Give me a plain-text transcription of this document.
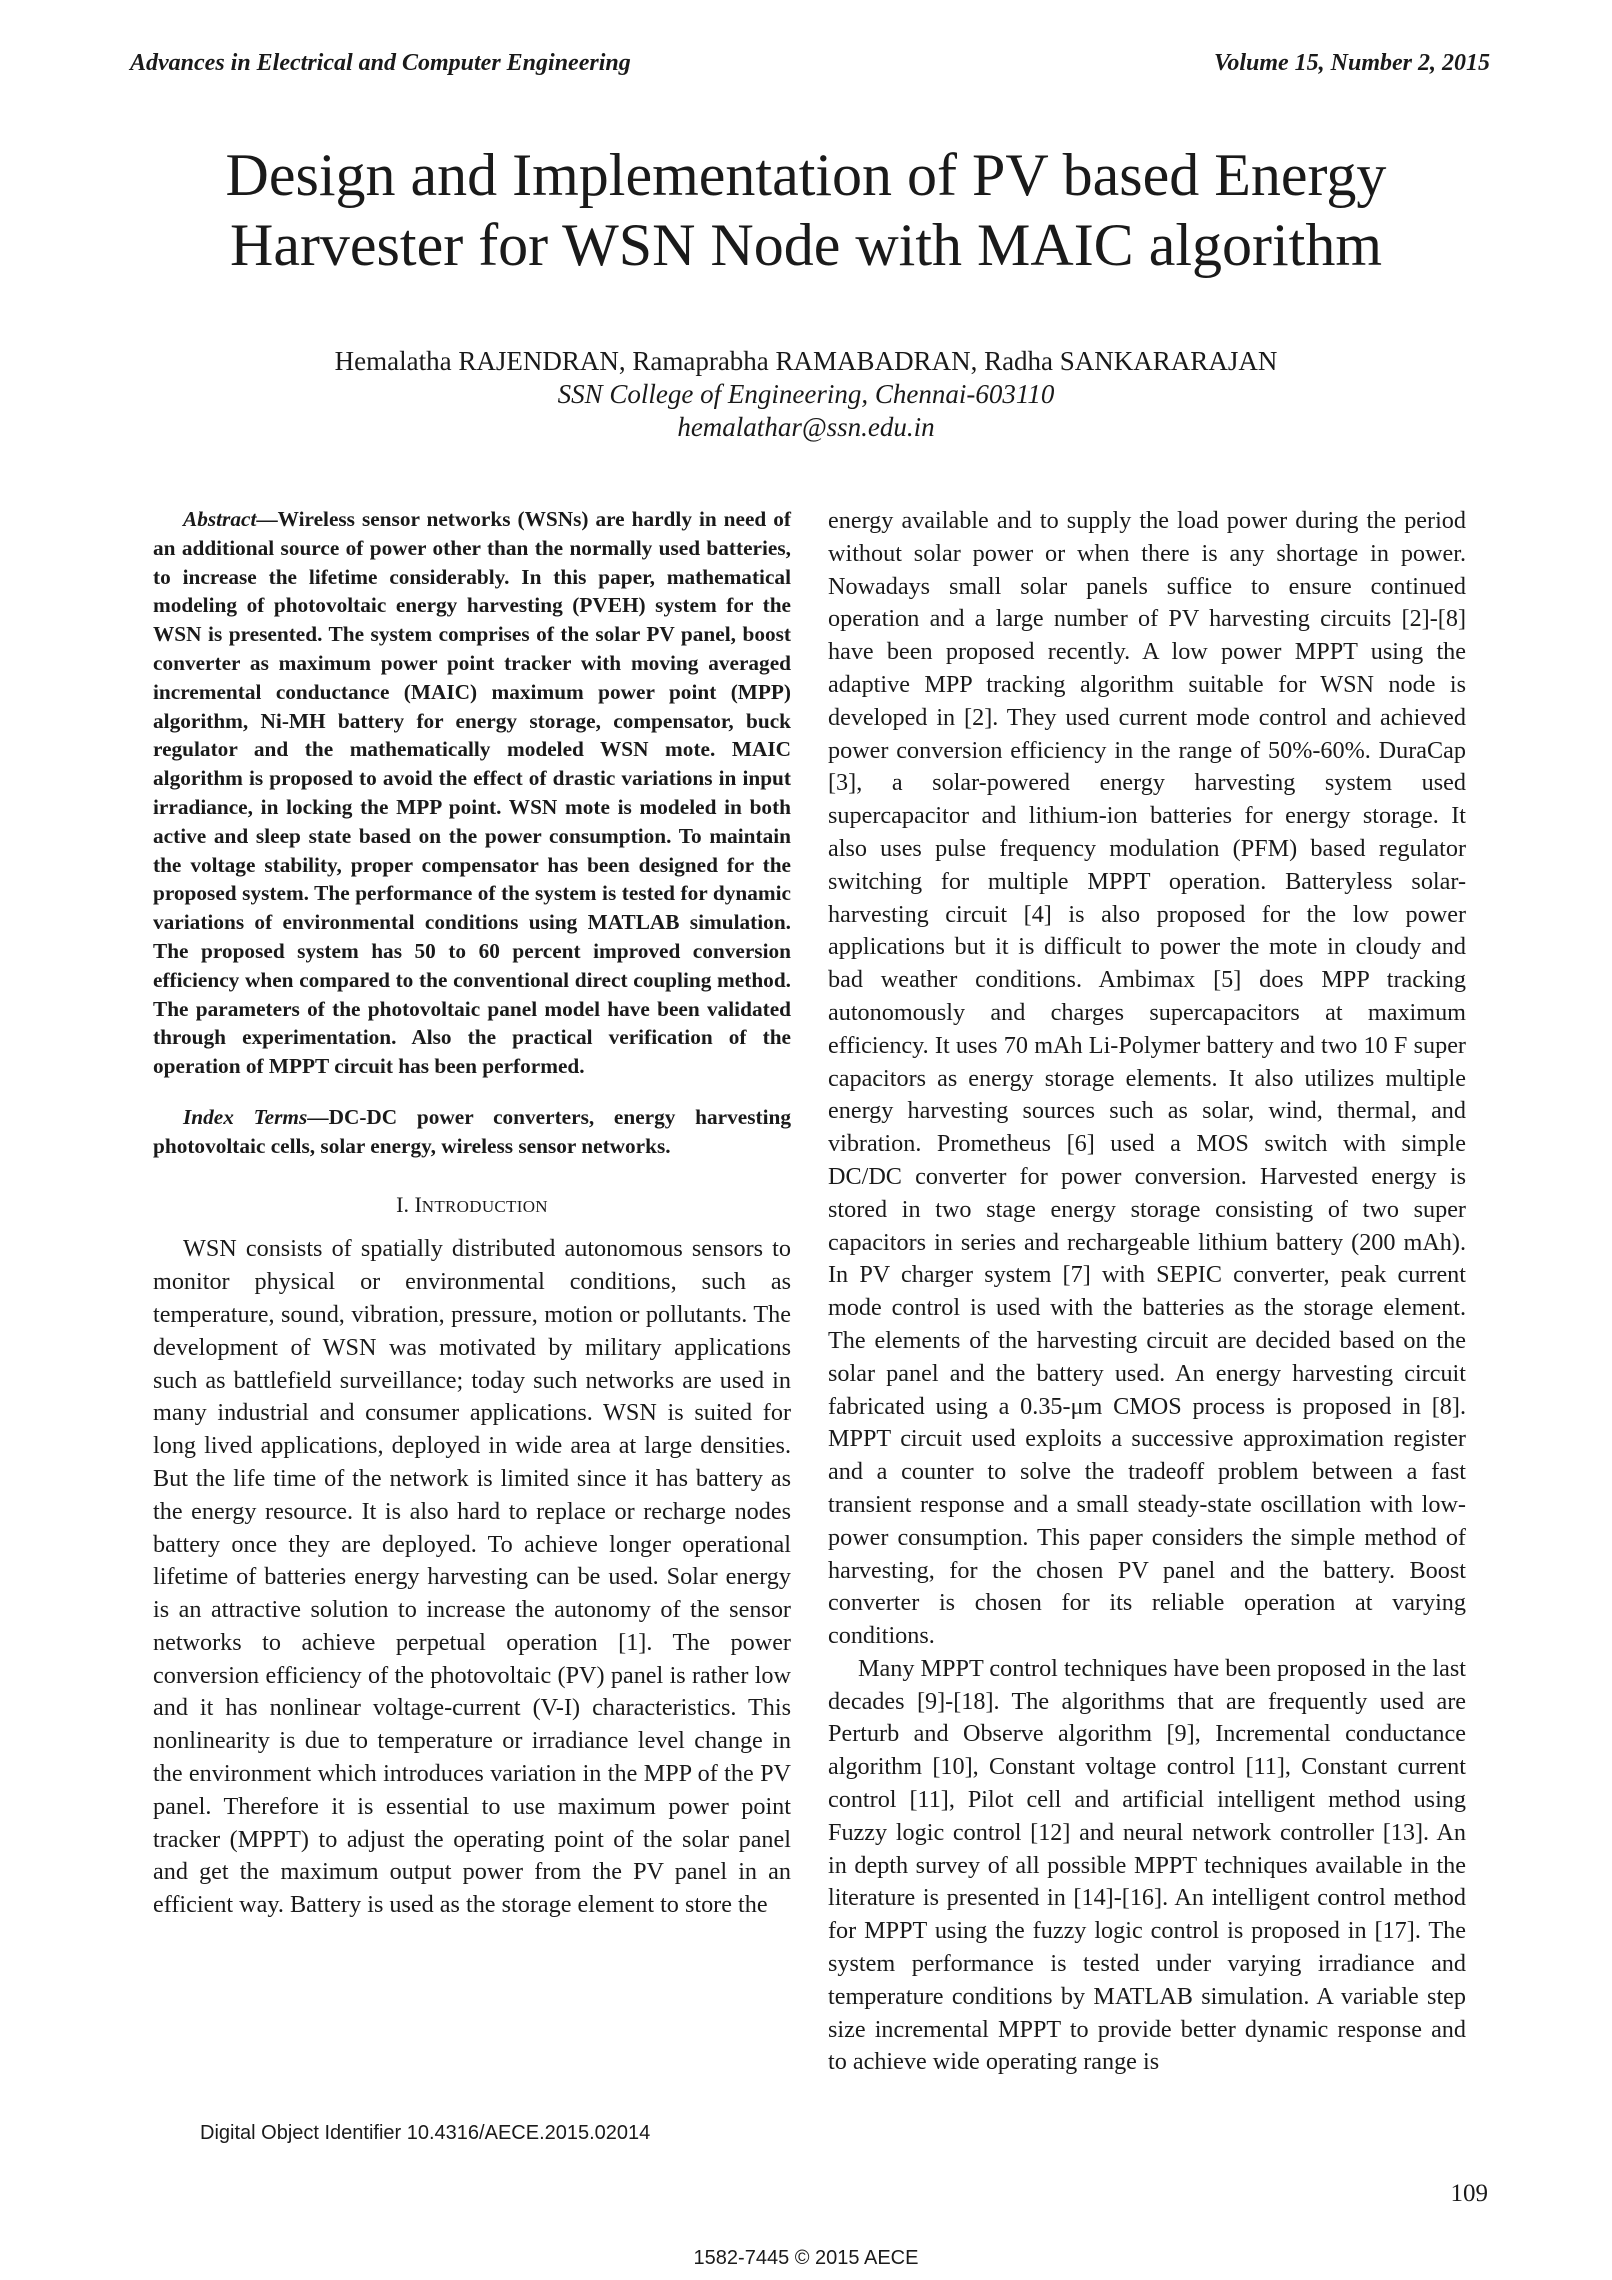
Advances in Electrical and Computer Engineering	Volume 15, Number 2, 2015
Design and Implementation of PV based Energy
Harvester for WSN Node with MAIC algorithm
Hemalatha RAJENDRAN, Ramaprabha RAMABADRAN, Radha SANKARARAJAN
SSN College of Engineering, Chennai-603110
hemalathar@ssn.edu.in

Abstract—Wireless sensor networks (WSNs) are hardly in need of an additional source of power other than the normally used batteries, to increase the lifetime considerably. In this paper, mathematical modeling of photovoltaic energy harvesting (PVEH) system for the WSN is presented. The system comprises of the solar PV panel, boost converter as maximum power point tracker with moving averaged incremental conductance (MAIC) maximum power point (MPP) algorithm, Ni-MH battery for energy storage, compensator, buck regulator and the mathematically modeled WSN mote. MAIC algorithm is proposed to avoid the effect of drastic variations in input irradiance, in locking the MPP point. WSN mote is modeled in both active and sleep state based on the power consumption. To maintain the voltage stability, proper compensator has been designed for the proposed system. The performance of the system is tested for dynamic variations of environmental conditions using MATLAB simulation. The proposed system has 50 to 60 percent improved conversion efficiency when compared to the conventional direct coupling method. The parameters of the photovoltaic panel model have been validated through experimentation. Also the practical verification of the operation of MPPT circuit has been performed.

Index Terms—DC-DC power converters, energy harvesting photovoltaic cells, solar energy, wireless sensor networks.

I. INTRODUCTION

WSN consists of spatially distributed autonomous sensors to monitor physical or environmental conditions, such as temperature, sound, vibration, pressure, motion or pollutants. The development of WSN was motivated by military applications such as battlefield surveillance; today such networks are used in many industrial and consumer applications. WSN is suited for long lived applications, deployed in wide area at large densities. But the life time of the network is limited since it has battery as the energy resource. It is also hard to replace or recharge nodes battery once they are deployed. To achieve longer operational lifetime of batteries energy harvesting can be used. Solar energy is an attractive solution to increase the autonomy of the sensor networks to achieve perpetual operation [1]. The power conversion efficiency of the photovoltaic (PV) panel is rather low and it has nonlinear voltage-current (V-I) characteristics. This nonlinearity is due to temperature or irradiance level change in the environment which introduces variation in the MPP of the PV panel. Therefore it is essential to use maximum power point tracker (MPPT) to adjust the operating point of the solar panel and get the maximum output power from the PV panel in an efficient way. Battery is used as the storage element to store the

energy available and to supply the load power during the period without solar power or when there is any shortage in power. Nowadays small solar panels suffice to ensure continued operation and a large number of PV harvesting circuits [2]-[8] have been proposed recently. A low power MPPT using the adaptive MPP tracking algorithm suitable for WSN node is developed in [2]. They used current mode control and achieved power conversion efficiency in the range of 50%-60%. DuraCap [3], a solar-powered energy harvesting system used supercapacitor and lithium-ion batteries for energy storage. It also uses pulse frequency modulation (PFM) based regulator switching for multiple MPPT operation. Batteryless solar-harvesting circuit [4] is also proposed for the low power applications but it is difficult to power the mote in cloudy and bad weather conditions. Ambimax [5] does MPP tracking autonomously and charges supercapacitors at maximum efficiency. It uses 70 mAh Li-Polymer battery and two 10 F super capacitors as energy storage elements. It also utilizes multiple energy harvesting sources such as solar, wind, thermal, and vibration. Prometheus [6] used a MOS switch with simple DC/DC converter for power conversion. Harvested energy is stored in two stage energy storage consisting of two super capacitors in series and rechargeable lithium battery (200 mAh). In PV charger system [7] with SEPIC converter, peak current mode control is used with the batteries as the storage element. The elements of the harvesting circuit are decided based on the solar panel and the battery used. An energy harvesting circuit fabricated using a 0.35-μm CMOS process is proposed in [8]. MPPT circuit used exploits a successive approximation register and a counter to solve the tradeoff problem between a fast transient response and a small steady-state oscillation with low-power consumption. This paper considers the simple method of harvesting, for the chosen PV panel and the battery. Boost converter is chosen for its reliable operation at varying conditions.

Many MPPT control techniques have been proposed in the last decades [9]-[18]. The algorithms that are frequently used are Perturb and Observe algorithm [9], Incremental conductance algorithm [10], Constant voltage control [11], Constant current control [11], Pilot cell and artificial intelligent method using Fuzzy logic control [12] and neural network controller [13]. An in depth survey of all possible MPPT techniques available in the literature is presented in [14]-[16]. An intelligent control method for MPPT using the fuzzy logic control is proposed in [17]. The system performance is tested under varying irradiance and temperature conditions by MATLAB simulation. A variable step size incremental MPPT to provide better dynamic response and to achieve wide operating range is

Digital Object Identifier 10.4316/AECE.2015.02014
109
1582-7445 © 2015 AECE
